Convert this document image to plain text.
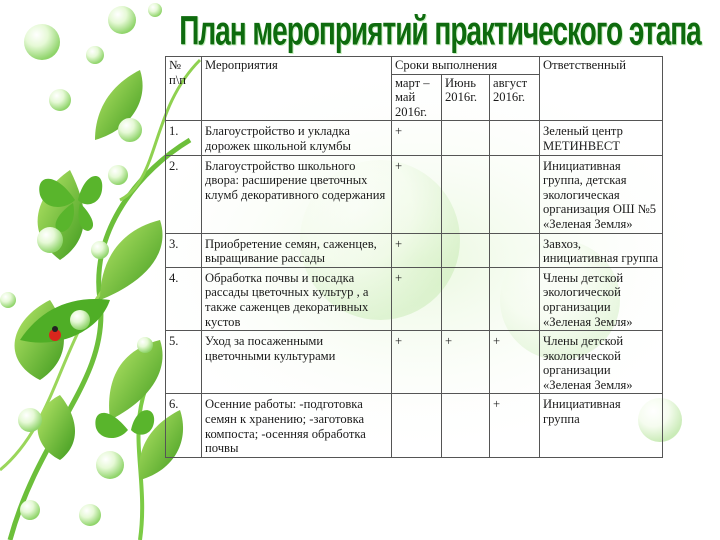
План мероприятий практического этапа
№ п\п	Мероприятия	Сроки выполнения			Ответственный
		март – май 2016г.	Июнь 2016г.	август 2016г.	
1.	Благоустройство и укладка дорожек школьной клумбы	+			Зеленый центр МЕТИНВЕСТ
2.	Благоустройство школьного двора: расширение цветочных клумб декоративного содержания	+			Инициативная группа, детская экологическая организация ОШ №5 «Зеленая Земля»
3.	Приобретение семян, саженцев, выращивание рассады	+			Завхоз, инициативная группа
4.	Обработка почвы и посадка рассады цветочных культур , а также саженцев декоративных кустов	+			Члены детской экологической организации «Зеленая Земля»
5.	Уход за посаженными цветочными культурами	+	+	+	Члены детской экологической организации «Зеленая Земля»
6.	Осенние работы: -подготовка семян к хранению; -заготовка компоста; -осенняя обработка почвы			+	Инициативная группа
